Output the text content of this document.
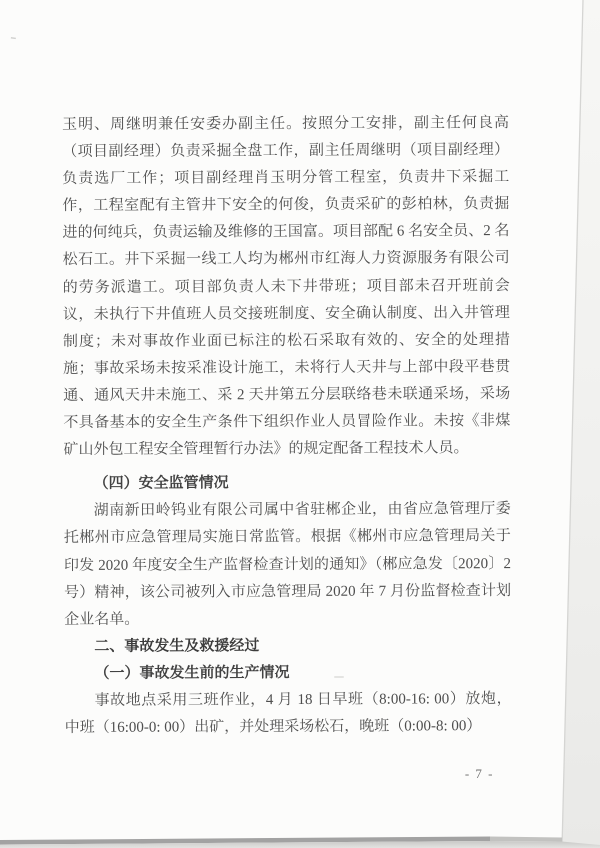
玉明、周继明兼任安委办副主任。按照分工安排，副主任何良高（项目副经理）负责采掘全盘工作，副主任周继明（项目副经理）负责选厂工作；项目副经理肖玉明分管工程室，负责井下采掘工作，工程室配有主管井下安全的何俊，负责采矿的彭柏林，负责掘进的何纯兵，负责运输及维修的王国富。项目部配 6 名安全员、2 名松石工。井下采掘一线工人均为郴州市红海人力资源服务有限公司的劳务派遣工。项目部负责人未下井带班；项目部未召开班前会议，未执行下井值班人员交接班制度、安全确认制度、出入井管理制度；未对事故作业面已标注的松石采取有效的、安全的处理措施；事故采场未按采准设计施工，未将行人天井与上部中段平巷贯通、通风天井未施工、采 2 天井第五分层联络巷未联通采场，采场不具备基本的安全生产条件下组织作业人员冒险作业。未按《非煤矿山外包工程安全管理暂行办法》的规定配备工程技术人员。

（四）安全监管情况

湖南新田岭钨业有限公司属中省驻郴企业，由省应急管理厅委托郴州市应急管理局实施日常监管。根据《郴州市应急管理局关于印发 2020 年度安全生产监督检查计划的通知》（郴应急发〔2020〕2 号）精神，该公司被列入市应急管理局 2020 年 7 月份监督检查计划企业名单。

二、事故发生及救援经过

（一）事故发生前的生产情况

事故地点采用三班作业，4 月 18 日早班（8:00-16: 00）放炮，中班（16:00-0: 00）出矿，并处理采场松石，晚班（0:00-8: 00）

- 7 -
